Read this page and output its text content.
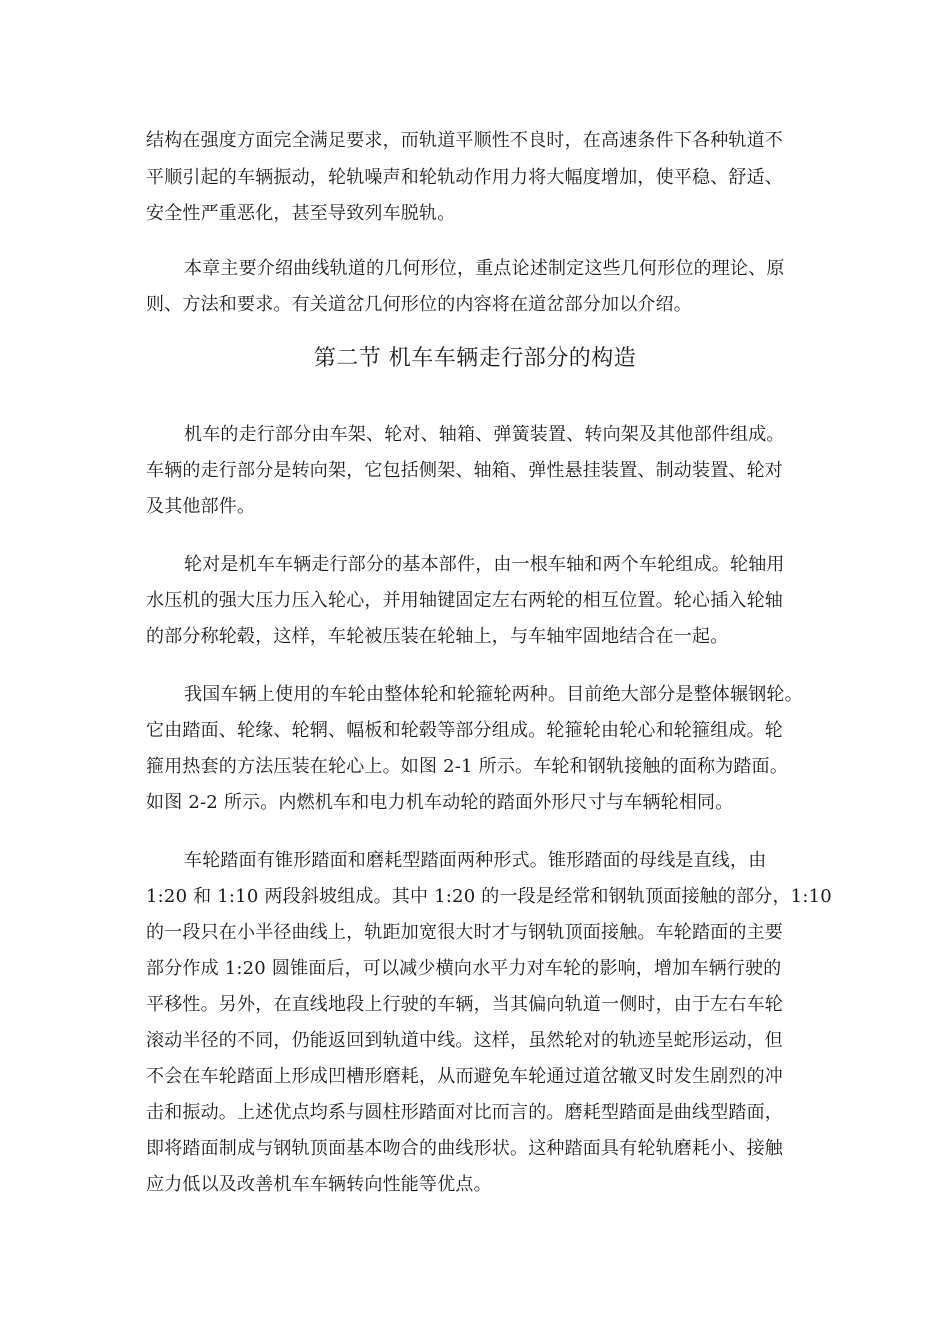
结构在强度方面完全满足要求，而轨道平顺性不良时，在高速条件下各种轨道不
平顺引起的车辆振动，轮轨噪声和轮轨动作用力将大幅度增加，使平稳、舒适、
安全性严重恶化，甚至导致列车脱轨。
本章主要介绍曲线轨道的几何形位，重点论述制定这些几何形位的理论、原
则、方法和要求。有关道岔几何形位的内容将在道岔部分加以介绍。
第二节 机车车辆走行部分的构造
机车的走行部分由车架、轮对、轴箱、弹簧装置、转向架及其他部件组成。
车辆的走行部分是转向架，它包括侧架、轴箱、弹性悬挂装置、制动装置、轮对
及其他部件。
轮对是机车车辆走行部分的基本部件，由一根车轴和两个车轮组成。轮轴用
水压机的强大压力压入轮心，并用轴键固定左右两轮的相互位置。轮心插入轮轴
的部分称轮毂，这样，车轮被压装在轮轴上，与车轴牢固地结合在一起。
我国车辆上使用的车轮由整体轮和轮箍轮两种。目前绝大部分是整体辗钢轮。
它由踏面、轮缘、轮辋、幅板和轮毂等部分组成。轮箍轮由轮心和轮箍组成。轮
箍用热套的方法压装在轮心上。如图 2-1 所示。车轮和钢轨接触的面称为踏面。
如图 2-2 所示。内燃机车和电力机车动轮的踏面外形尺寸与车辆轮相同。
车轮踏面有锥形踏面和磨耗型踏面两种形式。锥形踏面的母线是直线，由
1:20 和 1:10 两段斜坡组成。其中 1:20 的一段是经常和钢轨顶面接触的部分，1:10
的一段只在小半径曲线上，轨距加宽很大时才与钢轨顶面接触。车轮踏面的主要
部分作成 1:20 圆锥面后，可以减少横向水平力对车轮的影响，增加车辆行驶的
平移性。另外，在直线地段上行驶的车辆，当其偏向轨道一侧时，由于左右车轮
滚动半径的不同，仍能返回到轨道中线。这样，虽然轮对的轨迹呈蛇形运动，但
不会在车轮踏面上形成凹槽形磨耗，从而避免车轮通过道岔辙叉时发生剧烈的冲
击和振动。上述优点均系与圆柱形踏面对比而言的。磨耗型踏面是曲线型踏面，
即将踏面制成与钢轨顶面基本吻合的曲线形状。这种踏面具有轮轨磨耗小、接触
应力低以及改善机车车辆转向性能等优点。
